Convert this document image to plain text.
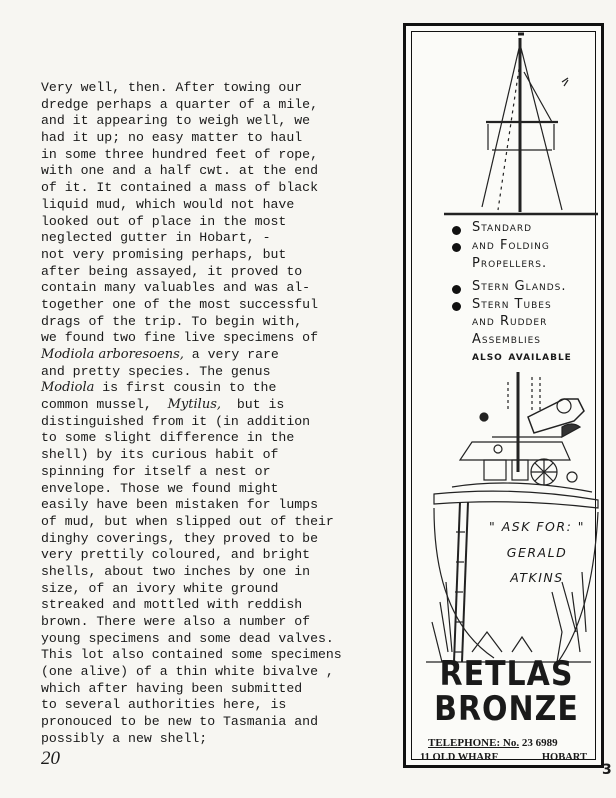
Very well, then. After towing our
dredge perhaps a quarter of a mile,
and it appearing to weigh well, we
had it up; no easy matter to haul
in some three hundred feet of rope,
with one and a half cwt. at the end
of it. It contained a mass of black
liquid mud, which would not have
looked out of place in the most
neglected gutter in Hobart, -
not very promising perhaps, but
after being assayed, it proved to
contain many valuables and was al-
together one of the most successful
drags of the trip. To begin with,
we found two fine live specimens of
Modiola arboresoens, a very rare
and pretty species. The genus
Modiola is first cousin to the
common mussel,  Mytilus,  but is
distinguished from it (in addition
to some slight difference in the
shell) by its curious habit of
spinning for itself a nest or
envelope. Those we found might
easily have been mistaken for lumps
of mud, but when slipped out of their
dinghy coverings, they proved to be
very prettily coloured, and bright
shells, about two inches by one in
size, of an ivory white ground
streaked and mottled with reddish
brown. There were also a number of
young specimens and some dead valves.
This lot also contained some specimens
(one alive) of a thin white bivalve ,
which after having been submitted
to several authorities here, is
pronouced to be new to Tasmania and
possibly a new shell;
20
Standard
and Folding
Propellers.
Stern Glands.
Stern Tubes
and Rudder
Assemblies
also available
" ASK FOR: "
GERALD
ATKINS
RETLAS
BRONZE
TELEPHONE: No. 23 6989
11 OLD WHARF	HOBART
3
